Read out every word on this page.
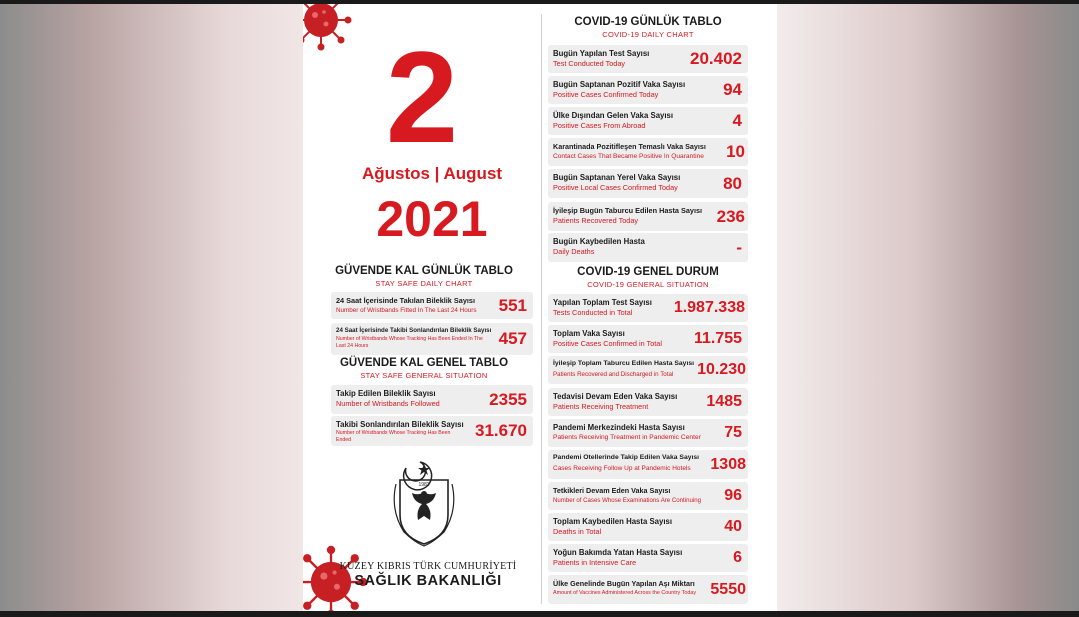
2
Ağustos | August
2021
GÜVENDE KAL GÜNLÜK TABLO
STAY SAFE DAILY CHART
24 Saat İçerisinde Takılan Bileklik Sayısı
Number of Wristbands Fitted In The Last 24 Hours 551
24 Saat İçerisinde Takibi Sonlandırılan Bileklik Sayısı
Number of Wristbands Whose Tracking Has Been Ended In The
Last 24 Hours	457
GÜVENDE KAL GENEL TABLO
STAY SAFE GENERAL SITUATION
Takip Edilen Bileklik Sayısı
Number of Wristbands Followed	2355
Takibi Sonlandırılan Bileklik Sayısı
Number of Wristbands Whose Tracking Has Been
Ended	31.670
1983
KUZEY KIBRIS TÜRK CUMHURİYETİ
SAĞLIK BAKANLIĞI
COVID-19 GÜNLÜK TABLO
COVID-19 DAILY CHART
Bugün Yapılan Test Sayısı
Test Conducted Today	20.402
Bugün Saptanan Pozitif Vaka Sayısı
Positive Cases Confirmed Today	94
Ülke Dışından Gelen Vaka Sayısı
Positive Cases From Abroad	4
Karantinada Pozitifleşen Temaslı Vaka Sayısı
Contact Cases That Became Positive In Quarantine 10
Bugün Saptanan Yerel Vaka Sayısı
Positive Local Cases Confirmed Today	80
İyileşip Bugün Taburcu Edilen Hasta Sayısı
Patients Recovered Today	236
Bugün Kaybedilen Hasta
Daily Deaths	-
COVID-19 GENEL DURUM
COVID-19 GENERAL SITUATION
Yapılan Toplam Test Sayısı
Tests Conducted in Total	1.987.338
Toplam Vaka Sayısı
Positive Cases Confirmed in Total 11.755
İyileşip Toplam Taburcu Edilen Hasta Sayısı
Patients Recovered and Discharged in Total 10.230
Tedavisi Devam Eden Vaka Sayısı
Patients Receiving Treatment	1485
Pandemi Merkezindeki Hasta Sayısı
Patients Receiving Treatment in Pandemic Center 75
Pandemi Otellerinde Takip Edilen Vaka Sayısı
Cases Receiving Follow Up at Pandemic Hotels 1308
Tetkikleri Devam Eden Vaka Sayısı
Number of Cases Whose Examinations Are Continuing 96
Toplam Kaybedilen Hasta Sayısı
Deaths in Total	40
Yoğun Bakımda Yatan Hasta Sayısı
Patients in Intensive Care	6
Ülke Genelinde Bugün Yapılan Aşı Miktarı
Amount of Vaccines Administered Across the Country Today 5550
